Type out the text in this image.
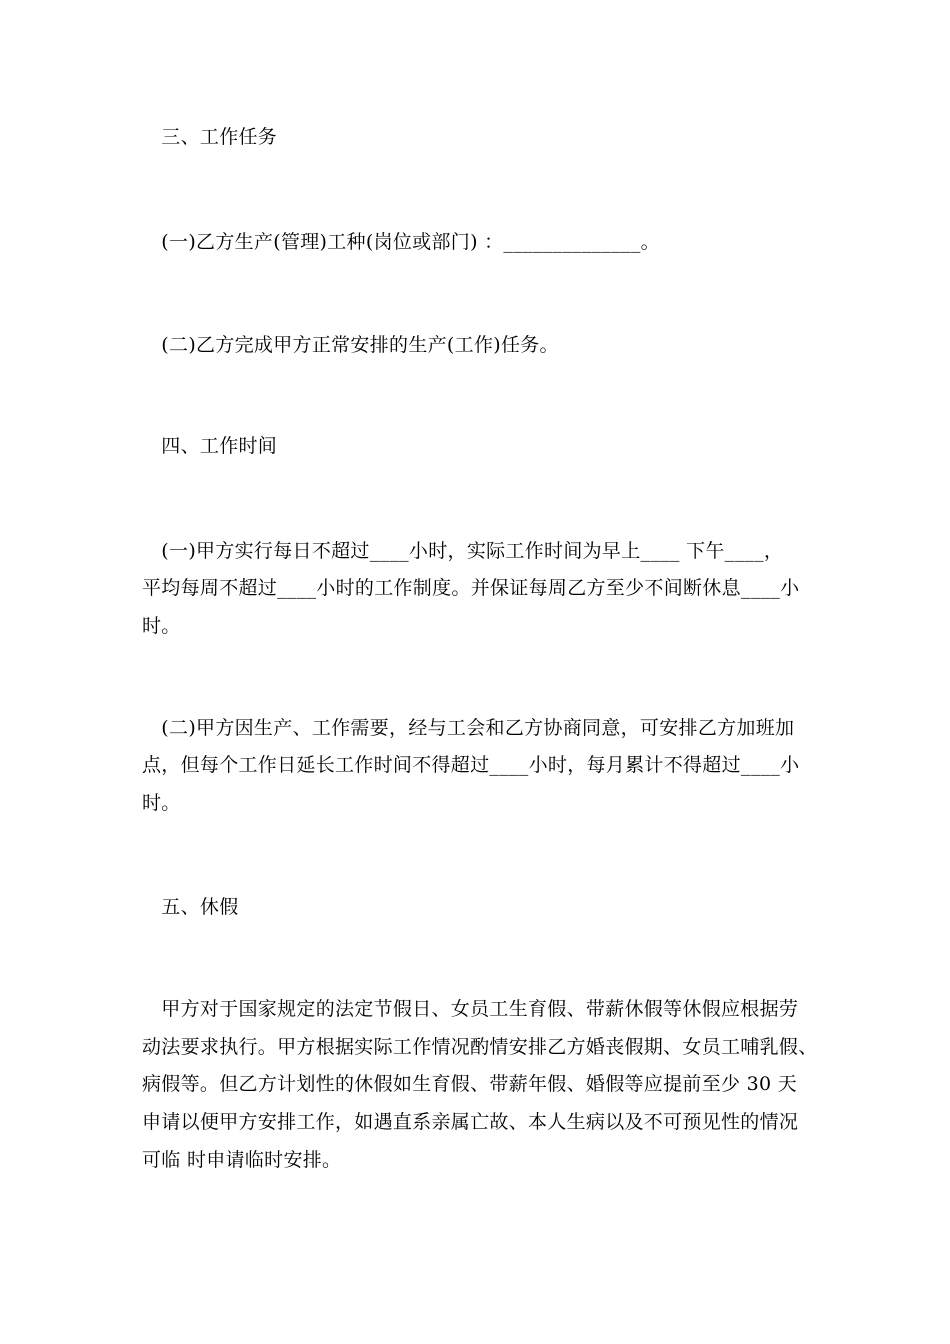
　三、工作任务
　(一)乙方生产(管理)工种(岗位或部门) ：______________。
　(二)乙方完成甲方正常安排的生产(工作)任务。
　四、工作时间
　(一)甲方实行每日不超过____小时，实际工作时间为早上____ 下午____，
平均每周不超过____小时的工作制度。并保证每周乙方至少不间断休息____小
时。
　(二)甲方因生产、工作需要，经与工会和乙方协商同意，可安排乙方加班加
点，但每个工作日延长工作时间不得超过____小时，每月累计不得超过____小
时。
　五、休假
　甲方对于国家规定的法定节假日、女员工生育假、带薪休假等休假应根据劳
动法要求执行。甲方根据实际工作情况酌情安排乙方婚丧假期、女员工哺乳假、
病假等。但乙方计划性的休假如生育假、带薪年假、婚假等应提前至少 30 天
申请以便甲方安排工作，如遇直系亲属亡故、本人生病以及不可预见性的情况
可临 时申请临时安排。
